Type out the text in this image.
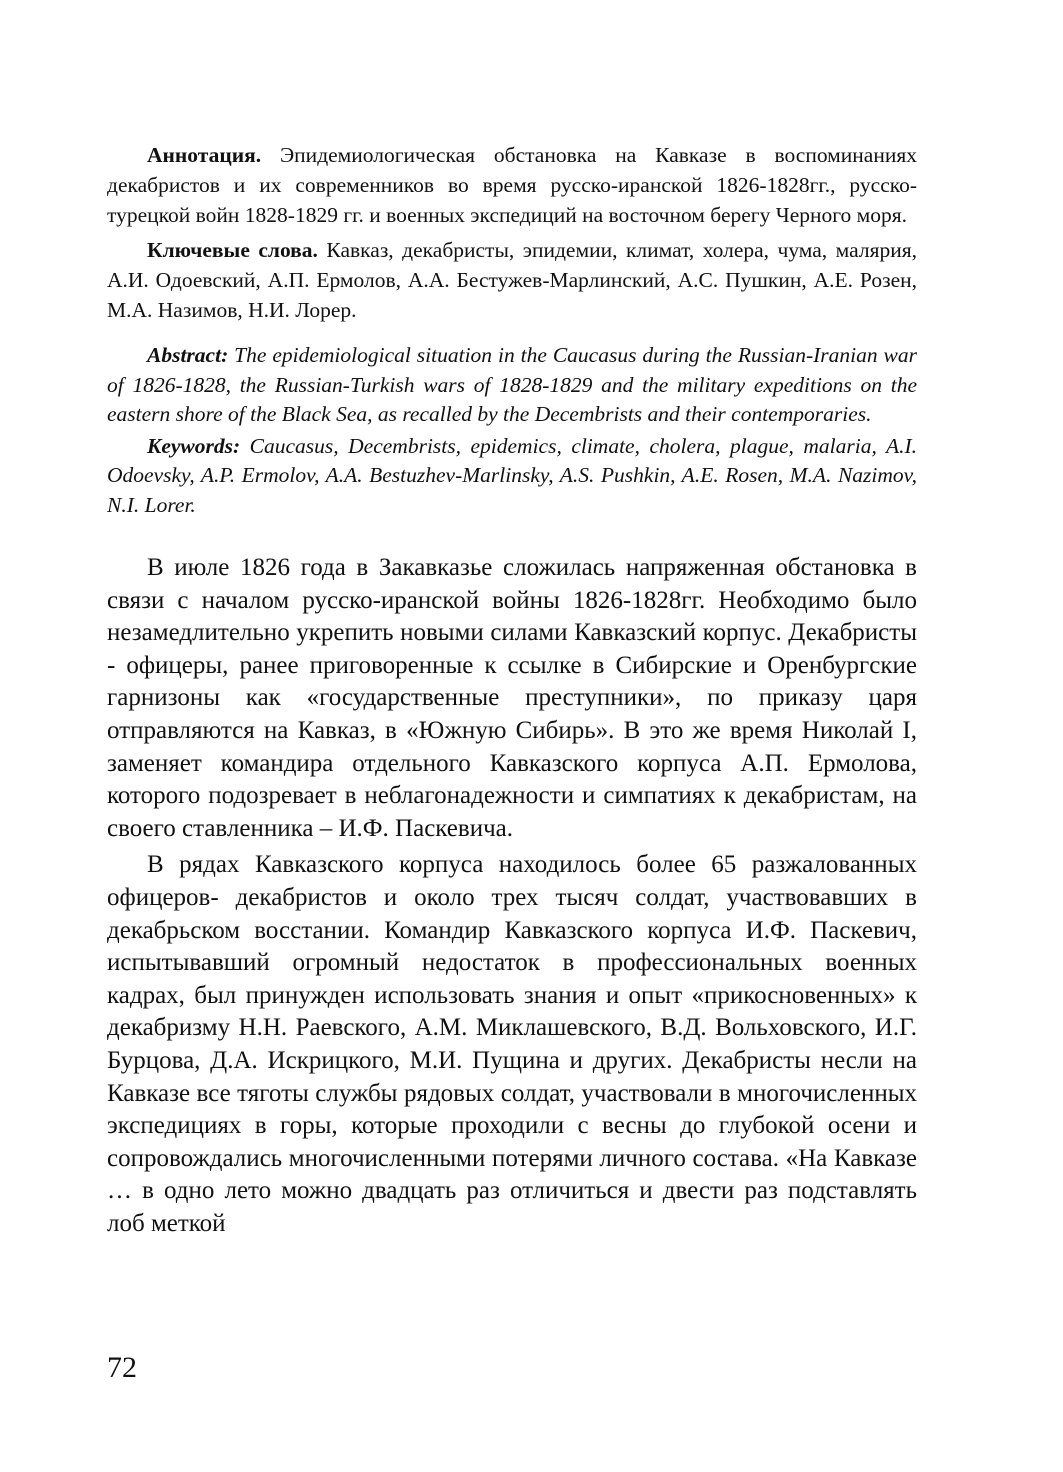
Аннотация. Эпидемиологическая обстановка на Кавказе в воспоминаниях декабристов и их современников во время русско-иранской 1826-1828гг., русско-турецкой войн 1828-1829 гг. и военных экспедиций на восточном берегу Черного моря.

Ключевые слова. Кавказ, декабристы, эпидемии, климат, холера, чума, малярия, А.И. Одоевский, А.П. Ермолов, А.А. Бестужев-Марлинский, А.С. Пушкин, А.Е. Розен, М.А. Назимов, Н.И. Лорер.

Abstract: The epidemiological situation in the Caucasus during the Russian-Iranian war of 1826-1828, the Russian-Turkish wars of 1828-1829 and the military expeditions on the eastern shore of the Black Sea, as recalled by the Decembrists and their contemporaries.

Keywords: Caucasus, Decembrists, epidemics, climate, cholera, plague, malaria, A.I. Odoevsky, A.P. Ermolov, A.A. Bestuzhev-Marlinsky, A.S. Pushkin, A.E. Rosen, M.A. Nazimov, N.I. Lorer.

В июле 1826 года в Закавказье сложилась напряженная обстановка в связи с началом русско-иранской войны 1826-1828гг. Необходимо было незамедлительно укрепить новыми силами Кавказский корпус. Декабристы - офицеры, ранее приговоренные к ссылке в Сибирские и Оренбургские гарнизоны как «государственные преступники», по приказу царя отправляются на Кавказ, в «Южную Сибирь». В это же время Николай I, заменяет командира отдельного Кавказского корпуса А.П. Ермолова, которого подозревает в неблагонадежности и симпатиях к декабристам, на своего ставленника – И.Ф. Паскевича.

В рядах Кавказского корпуса находилось более 65 разжалованных офицеров- декабристов и около трех тысяч солдат, участвовавших в декабрьском восстании. Командир Кавказского корпуса И.Ф. Паскевич, испытывавший огромный недостаток в профессиональных военных кадрах, был принужден использовать знания и опыт «прикосновенных» к декабризму Н.Н. Раевского, А.М. Миклашевского, В.Д. Вольховского, И.Г. Бурцова, Д.А. Искрицкого, М.И. Пущина и других. Декабристы несли на Кавказе все тяготы службы рядовых солдат, участвовали в многочисленных экспедициях в горы, которые проходили с весны до глубокой осени и сопровождались многочисленными потерями личного состава. «На Кавказе … в одно лето можно двадцать раз отличиться и двести раз подставлять лоб меткой

72
